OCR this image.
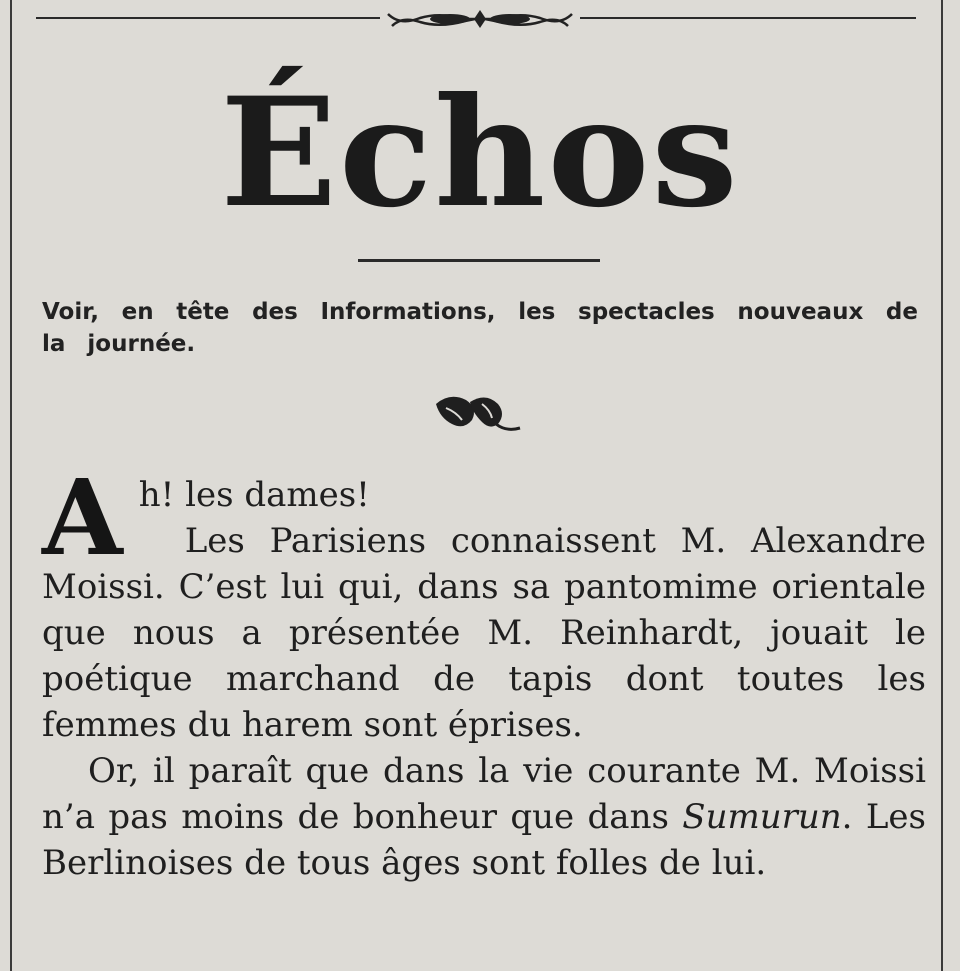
Échos
Voir, en tête des Informations, les spectacles nouveaux de la journée.
A h! les dames!

Les Parisiens connaissent M. Alexandre Moissi. C’est lui qui, dans sa pantomime orientale que nous a présentée M. Reinhardt, jouait le poétique marchand de tapis dont toutes les femmes du harem sont éprises.

Or, il paraît que dans la vie courante M. Moissi n’a pas moins de bonheur que dans Sumurun. Les Berlinoises de tous âges sont folles de lui.
